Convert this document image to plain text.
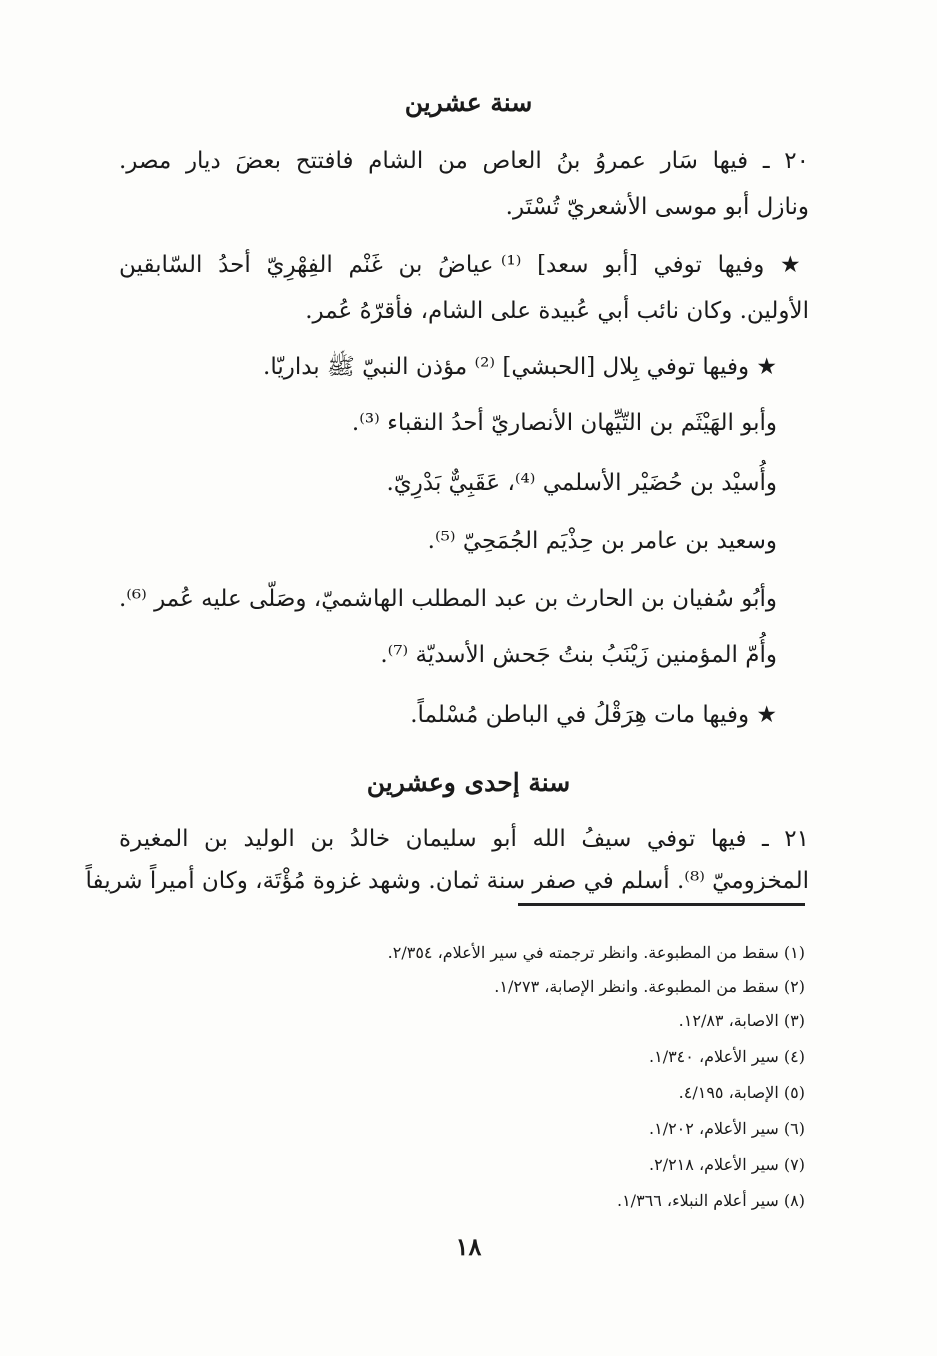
سنة عشرين
٢٠ ـ فيها سَار عمروُ بنُ العاص من الشام فافتتح بعضَ ديار مصر.
ونازل أبو موسى الأشعريّ تُسْتَر.
★ وفيها توفي [أبو سعد] ⁽¹⁾ عياضُ بن غَنْم الفِهْرِيّ أحدُ السّابقين
الأولين. وكان نائب أبي عُبيدة على الشام، فأقرّهُ عُمر.
★ وفيها توفي بِلال [الحبشي] ⁽²⁾ مؤذن النبيّ ﷺ بداريّا.
وأبو الهَيْثَم بن التّيِّهان الأنصاريّ أحدُ النقباء ⁽³⁾.
وأُسيْد بن حُضَيْر الأسلمي ⁽⁴⁾، عَقَبِيٌّ بَدْرِيّ.
وسعيد بن عامر بن حِذْيَم الجُمَحِيّ ⁽⁵⁾.
وأبُو سُفيان بن الحارث بن عبد المطلب الهاشميّ، وصَلّى عليه عُمر ⁽⁶⁾.
وأُمّ المؤمنين زَيْنَبُ بنتُ جَحش الأسديّة ⁽⁷⁾.
★ وفيها مات هِرَقْلُ في الباطن مُسْلماً.
سنة إحدى وعشرين
٢١ ـ فيها توفي سيفُ الله أبو سليمان خالدُ بن الوليد بن المغيرة
المخزوميّ ⁽⁸⁾. أسلم في صفر سنة ثمان. وشهد غزوة مُؤْتَة، وكان أميراً شريفاً
(١) سقط من المطبوعة. وانظر ترجمته في سير الأعلام، ٢/٣٥٤.
(٢) سقط من المطبوعة. وانظر الإصابة، ١/٢٧٣.
(٣) الاصابة، ١٢/٨٣.
(٤) سير الأعلام، ١/٣٤٠.
(٥) الإصابة، ٤/١٩٥.
(٦) سير الأعلام، ١/٢٠٢.
(٧) سير الأعلام، ٢/٢١٨.
(٨) سير أعلام النبلاء، ١/٣٦٦.
١٨
